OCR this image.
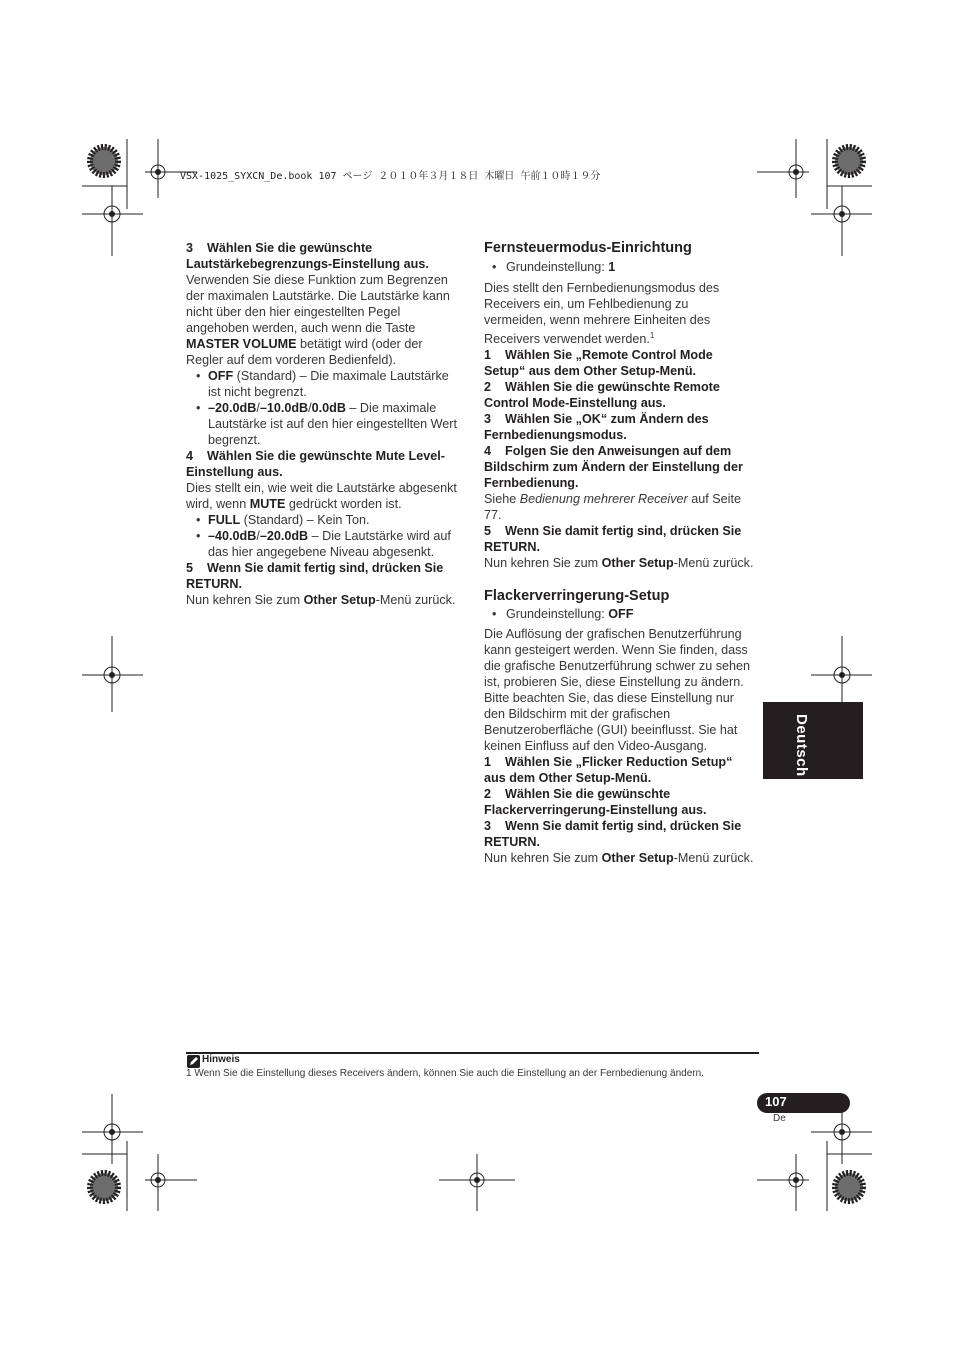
VSX-1025_SYXCN_De.book 107 ページ ２０１０年３月１８日 木曜日 午前１０時１９分

3 Wählen Sie die gewünschte Lautstärkebegrenzungs-Einstellung aus.

Verwenden Sie diese Funktion zum Begrenzen der maximalen Lautstärke. Die Lautstärke kann nicht über den hier eingestellten Pegel angehoben werden, auch wenn die Taste MASTER VOLUME betätigt wird (oder der Regler auf dem vorderen Bedienfeld).

• OFF (Standard) – Die maximale Lautstärke ist nicht begrenzt.

• –20.0dB/–10.0dB/0.0dB – Die maximale Lautstärke ist auf den hier eingestellten Wert begrenzt.

4 Wählen Sie die gewünschte Mute Level-Einstellung aus.

Dies stellt ein, wie weit die Lautstärke abgesenkt wird, wenn MUTE gedrückt worden ist.

• FULL (Standard) – Kein Ton.

• –40.0dB/–20.0dB – Die Lautstärke wird auf das hier angegebene Niveau abgesenkt.

5 Wenn Sie damit fertig sind, drücken Sie RETURN.

Nun kehren Sie zum Other Setup-Menü zurück.

Fernsteuermodus-Einrichtung

• Grundeinstellung: 1

Dies stellt den Fernbedienungsmodus des Receivers ein, um Fehlbedienung zu vermeiden, wenn mehrere Einheiten des Receivers verwendet werden.$^1$

1 Wählen Sie „Remote Control Mode Setup“ aus dem Other Setup-Menü.

2 Wählen Sie die gewünschte Remote Control Mode-Einstellung aus.

3 Wählen Sie „OK“ zum Ändern des Fernbedienungsmodus.

4 Folgen Sie den Anweisungen auf dem Bildschirm zum Ändern der Einstellung der Fernbedienung.

Siehe Bedienung mehrerer Receiver auf Seite 77.

5 Wenn Sie damit fertig sind, drücken Sie RETURN.

Nun kehren Sie zum Other Setup-Menü zurück.

Flackerverringerung-Setup

• Grundeinstellung: OFF

Die Auflösung der grafischen Benutzerführung kann gesteigert werden. Wenn Sie finden, dass die grafische Benutzerführung schwer zu sehen ist, probieren Sie, diese Einstellung zu ändern. Bitte beachten Sie, das diese Einstellung nur den Bildschirm mit der grafischen Benutzeroberfläche (GUI) beeinflusst. Sie hat keinen Einfluss auf den Video-Ausgang.

1 Wählen Sie „Flicker Reduction Setup“ aus dem Other Setup-Menü.

2 Wählen Sie die gewünschte Flackerverringerung-Einstellung aus.

3 Wenn Sie damit fertig sind, drücken Sie RETURN.

Nun kehren Sie zum Other Setup-Menü zurück.

Deutsch
Hinweis
1 Wenn Sie die Einstellung dieses Receivers ändern, können Sie auch die Einstellung an der Fernbedienung ändern.
107
De
